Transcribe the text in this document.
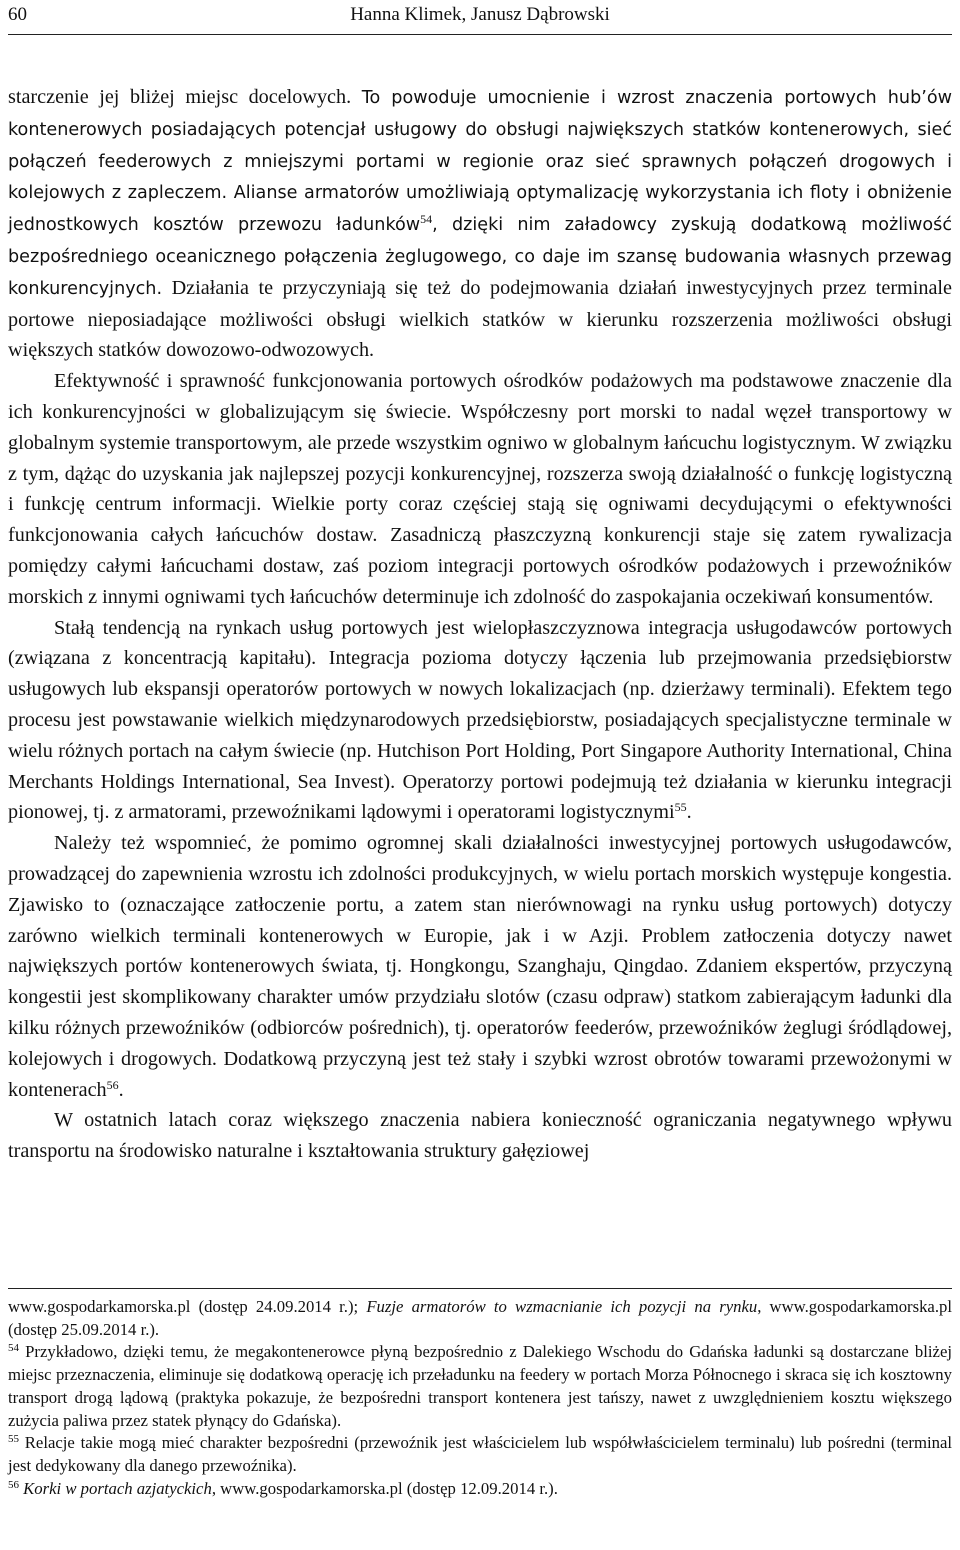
60	Hanna Klimek, Janusz Dąbrowski

starczenie jej bliżej miejsc docelowych. To powoduje umocnienie i wzrost znaczenia portowych hub’ów kontenerowych posiadających potencjał usługowy do obsługi największych statków kontenerowych, sieć połączeń feederowych z mniejszymi portami w regionie oraz sieć sprawnych połączeń drogowych i kolejowych z zapleczem. Alianse armatorów umożliwiają optymalizację wykorzystania ich floty i obniżenie jednostkowych kosztów przewozu ładunków$^{54}$, dzięki nim załadowcy zyskują dodatkową możliwość bezpośredniego oceanicznego połączenia żeglugowego, co daje im szansę budowania własnych przewag konkurencyjnych. Działania te przyczyniają się też do podejmowania działań inwestycyjnych przez terminale portowe nieposiadające możliwości obsługi wielkich statków w kierunku rozszerzenia możliwości obsługi większych statków dowozowo-odwozowych.

Efektywność i sprawność funkcjonowania portowych ośrodków podażowych ma podstawowe znaczenie dla ich konkurencyjności w globalizującym się świecie. Współczesny port morski to nadal węzeł transportowy w globalnym systemie transportowym, ale przede wszystkim ogniwo w globalnym łańcuchu logistycznym. W związku z tym, dążąc do uzyskania jak najlepszej pozycji konkurencyjnej, rozszerza swoją działalność o funkcję logistyczną i funkcję centrum informacji. Wielkie porty coraz częściej stają się ogniwami decydującymi o efektywności funkcjonowania całych łańcuchów dostaw. Zasadniczą płaszczyzną konkurencji staje się zatem rywalizacja pomiędzy całymi łańcuchami dostaw, zaś poziom integracji portowych ośrodków podażowych i przewoźników morskich z innymi ogniwami tych łańcuchów determinuje ich zdolność do zaspokajania oczekiwań konsumentów.

Stałą tendencją na rynkach usług portowych jest wielopłaszczyznowa integracja usługodawców portowych (związana z koncentracją kapitału). Integracja pozioma dotyczy łączenia lub przejmowania przedsiębiorstw usługowych lub ekspansji operatorów portowych w nowych lokalizacjach (np. dzierżawy terminali). Efektem tego procesu jest powstawanie wielkich międzynarodowych przedsiębiorstw, posiadających specjalistyczne terminale w wielu różnych portach na całym świecie (np. Hutchison Port Holding, Port Singapore Authority International, China Merchants Holdings International, Sea Invest). Operatorzy portowi podejmują też działania w kierunku integracji pionowej, tj. z armatorami, przewoźnikami lądowymi i operatorami logistycznymi$^{55}$.

Należy też wspomnieć, że pomimo ogromnej skali działalności inwestycyjnej portowych usługodawców, prowadzącej do zapewnienia wzrostu ich zdolności produkcyjnych, w wielu portach morskich występuje kongestia. Zjawisko to (oznaczające zatłoczenie portu, a zatem stan nierównowagi na rynku usług portowych) dotyczy zarówno wielkich terminali kontenerowych w Europie, jak i w Azji. Problem zatłoczenia dotyczy nawet największych portów kontenerowych świata, tj. Hongkongu, Szanghaju, Qingdao. Zdaniem ekspertów, przyczyną kongestii jest skomplikowany charakter umów przydziału slotów (czasu odpraw) statkom zabierającym ładunki dla kilku różnych przewoźników (odbiorców pośrednich), tj. operatorów feederów, przewoźników żeglugi śródlądowej, kolejowych i drogowych. Dodatkową przyczyną jest też stały i szybki wzrost obrotów towarami przewożonymi w kontenerach$^{56}$.

W ostatnich latach coraz większego znaczenia nabiera konieczność ograniczania negatywnego wpływu transportu na środowisko naturalne i kształtowania struktury gałęziowej

www.gospodarkamorska.pl (dostęp 24.09.2014 r.); Fuzje armatorów to wzmacnianie ich pozycji na rynku, www.gospodarkamorska.pl (dostęp 25.09.2014 r.).

$^{54}$ Przykładowo, dzięki temu, że megakontenerowce płyną bezpośrednio z Dalekiego Wschodu do Gdańska ładunki są dostarczane bliżej miejsc przeznaczenia, eliminuje się dodatkową operację ich przeładunku na feedery w portach Morza Północnego i skraca się ich kosztowny transport drogą lądową (praktyka pokazuje, że bezpośredni transport kontenera jest tańszy, nawet z uwzględnieniem kosztu większego zużycia paliwa przez statek płynący do Gdańska).

$^{55}$ Relacje takie mogą mieć charakter bezpośredni (przewoźnik jest właścicielem lub współwłaścicielem terminalu) lub pośredni (terminal jest dedykowany dla danego przewoźnika).

$^{56}$ Korki w portach azjatyckich, www.gospodarkamorska.pl (dostęp 12.09.2014 r.).
